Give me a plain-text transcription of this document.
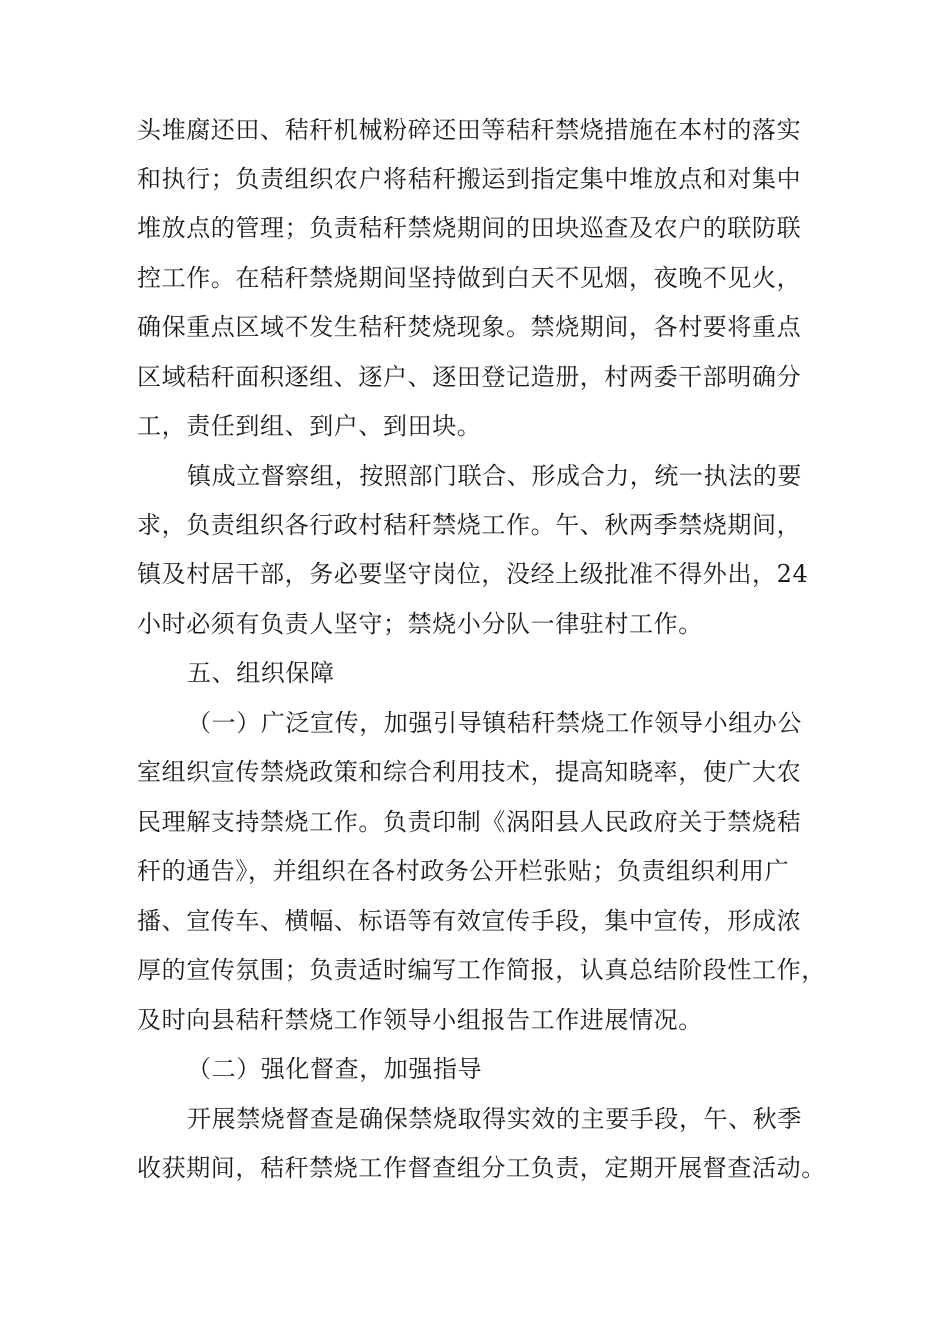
头堆腐还田、秸秆机械粉碎还田等秸秆禁烧措施在本村的落实
和执行；负责组织农户将秸秆搬运到指定集中堆放点和对集中
堆放点的管理；负责秸秆禁烧期间的田块巡查及农户的联防联
控工作。在秸秆禁烧期间坚持做到白天不见烟，夜晚不见火，
确保重点区域不发生秸秆焚烧现象。禁烧期间，各村要将重点
区域秸秆面积逐组、逐户、逐田登记造册，村两委干部明确分
工，责任到组、到户、到田块。
镇成立督察组，按照部门联合、形成合力，统一执法的要
求，负责组织各行政村秸秆禁烧工作。午、秋两季禁烧期间，
镇及村居干部，务必要坚守岗位，没经上级批准不得外出，24
小时必须有负责人坚守；禁烧小分队一律驻村工作。
五、组织保障
（一）广泛宣传，加强引导镇秸秆禁烧工作领导小组办公
室组织宣传禁烧政策和综合利用技术，提高知晓率，使广大农
民理解支持禁烧工作。负责印制《涡阳县人民政府关于禁烧秸
秆的通告》，并组织在各村政务公开栏张贴；负责组织利用广
播、宣传车、横幅、标语等有效宣传手段，集中宣传，形成浓
厚的宣传氛围；负责适时编写工作简报，认真总结阶段性工作，
及时向县秸秆禁烧工作领导小组报告工作进展情况。
（二）强化督查，加强指导
开展禁烧督查是确保禁烧取得实效的主要手段，午、秋季
收获期间，秸秆禁烧工作督查组分工负责，定期开展督查活动。
